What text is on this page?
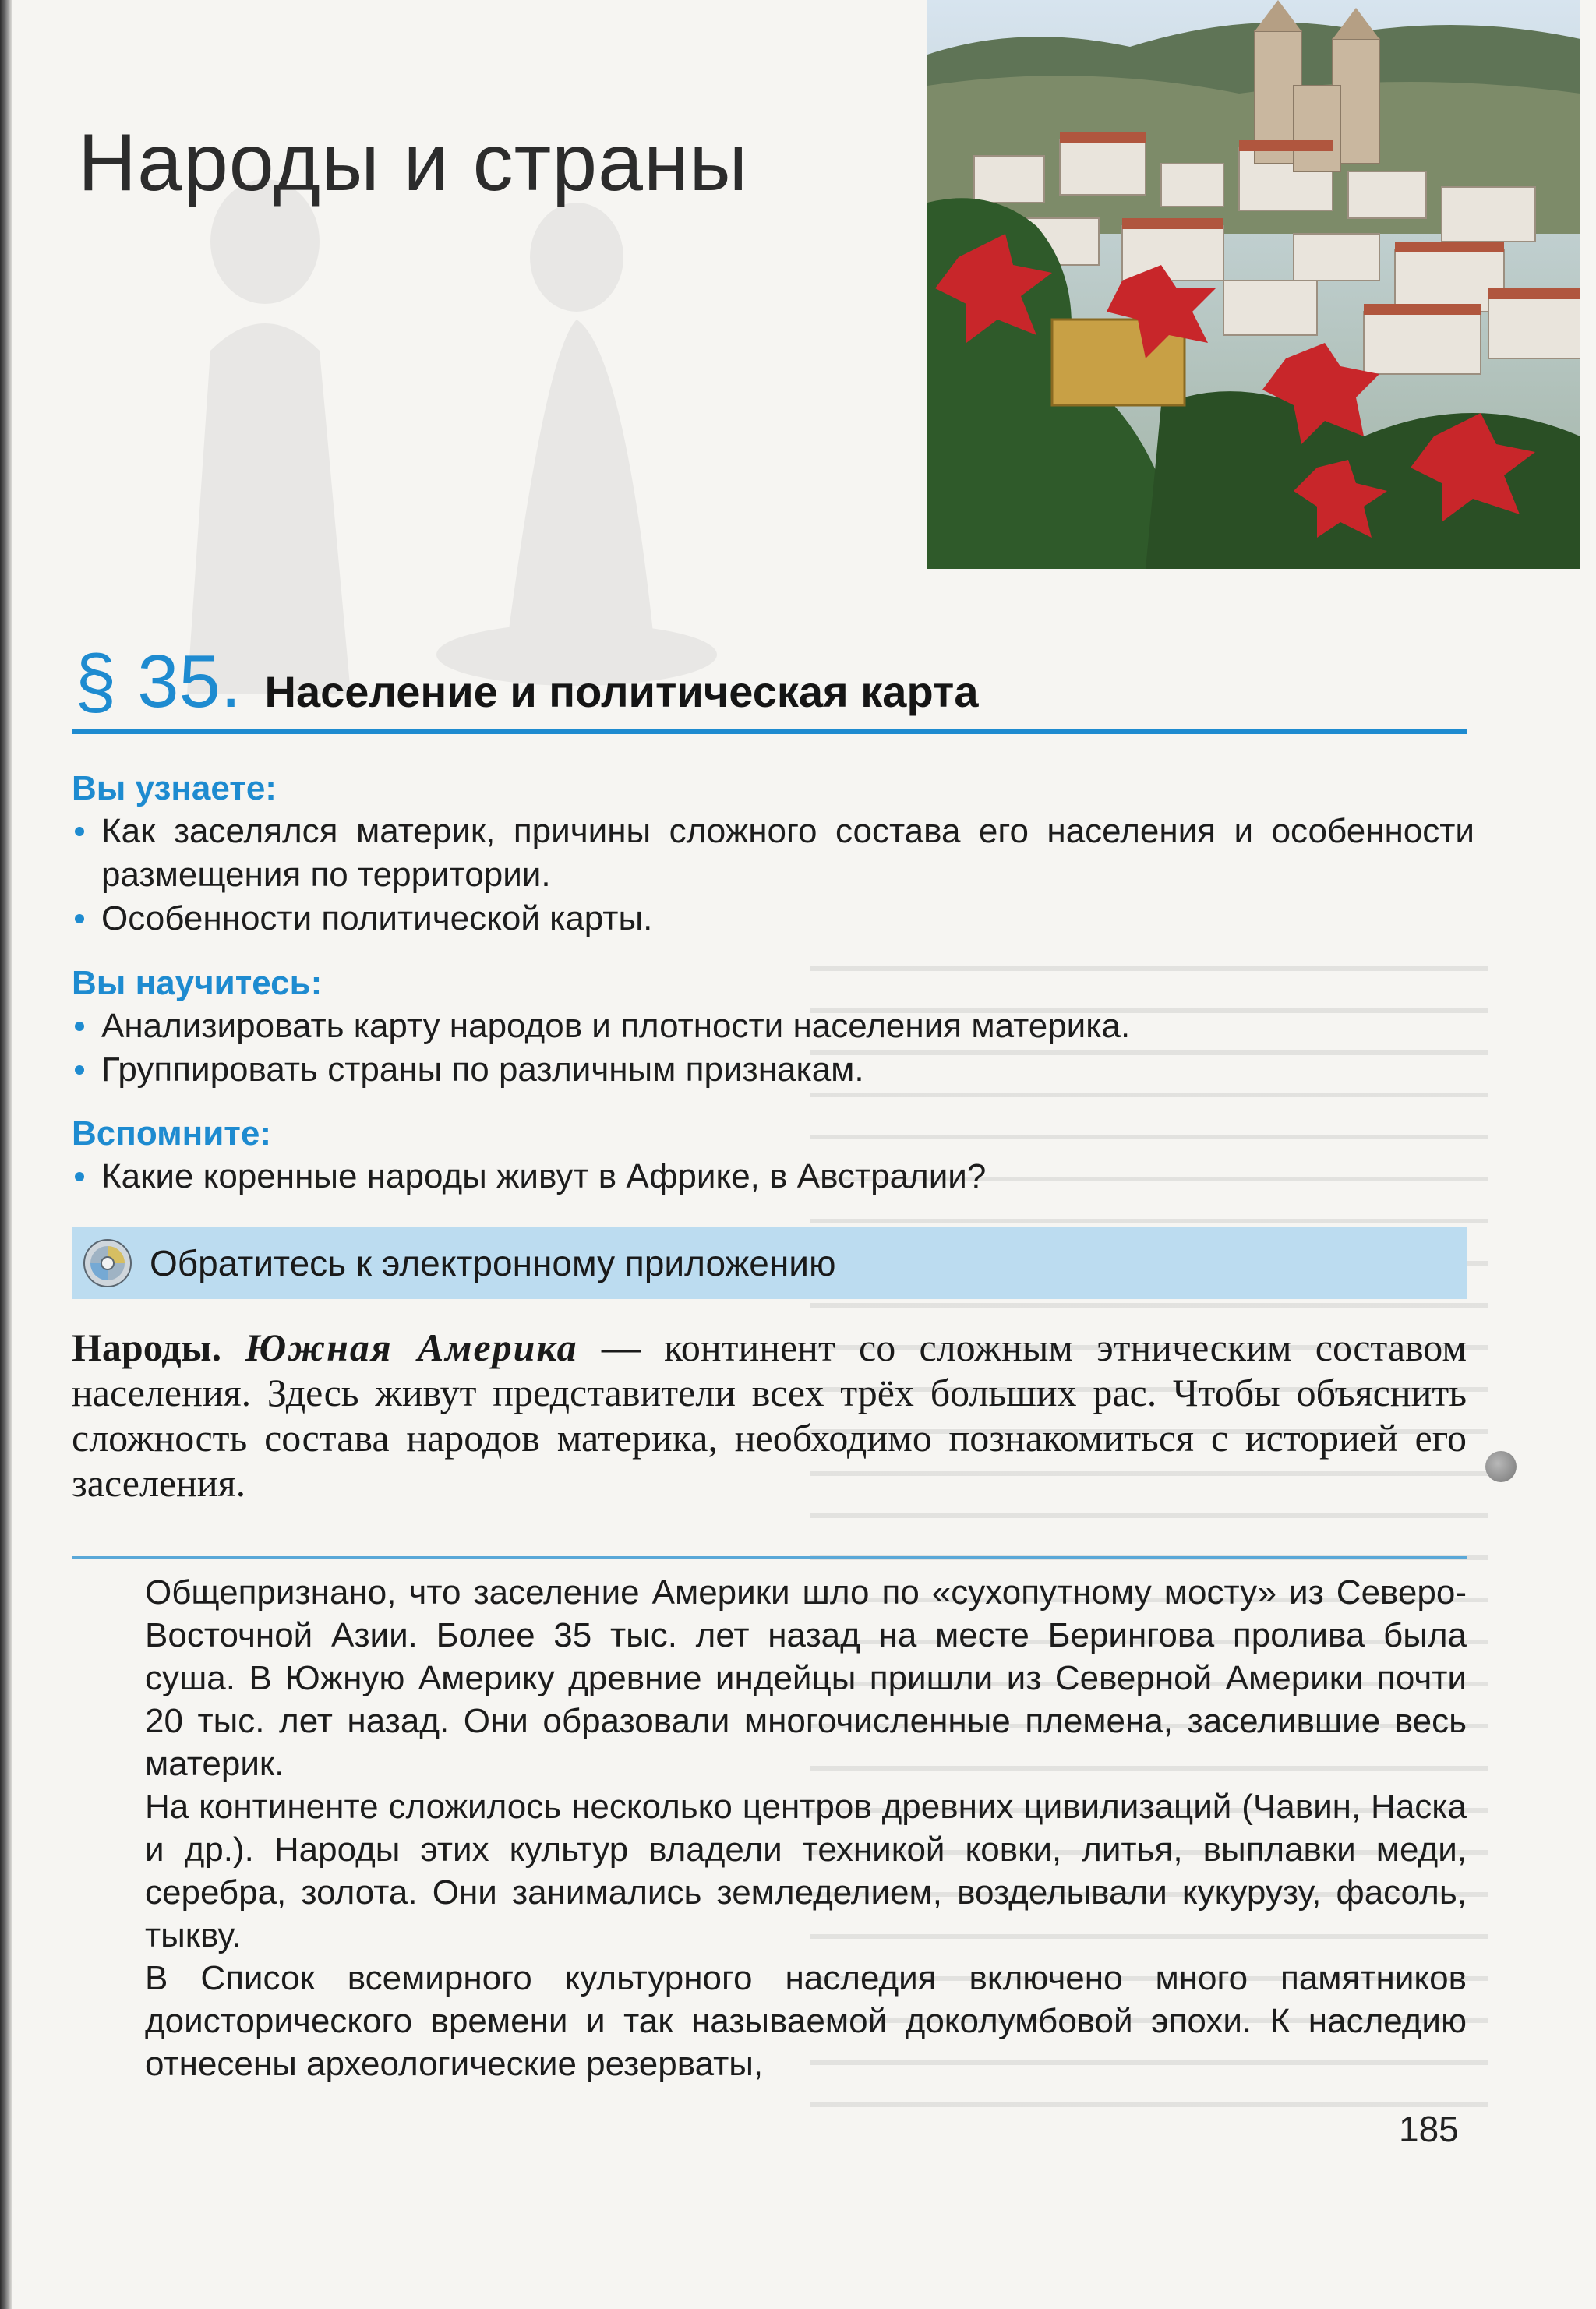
Народы и страны
§ 35. Население и политическая карта
Вы узнаете:
Как заселялся материк, причины сложного состава его населения и особенности размещения по территории.
Особенности политической карты.
Вы научитесь:
Анализировать карту народов и плотности населения материка.
Группировать страны по различным признакам.
Вспомните:
Какие коренные народы живут в Африке, в Австралии?
Обратитесь к электронному приложению

Народы. Южная Америка — континент со сложным этническим составом населения. Здесь живут представители всех трёх больших рас. Чтобы объяснить сложность состава народов материка, необходимо познакомиться с историей его заселения.

Общепризнано, что заселение Америки шло по «сухопутному мосту» из Северо-Восточной Азии. Более 35 тыс. лет назад на месте Берингова пролива была суша. В Южную Америку древние индейцы пришли из Северной Америки почти 20 тыс. лет назад. Они образовали многочисленные племена, заселившие весь материк.

На континенте сложилось несколько центров древних цивилизаций (Чавин, Наска и др.). Народы этих культур владели техникой ковки, литья, выплавки меди, серебра, золота. Они занимались земледелием, возделывали кукурузу, фасоль, тыкву.

В Список всемирного культурного наследия включено много памятников доисторического времени и так называемой доколумбовой эпохи. К наследию отнесены археологические резерваты,

185
